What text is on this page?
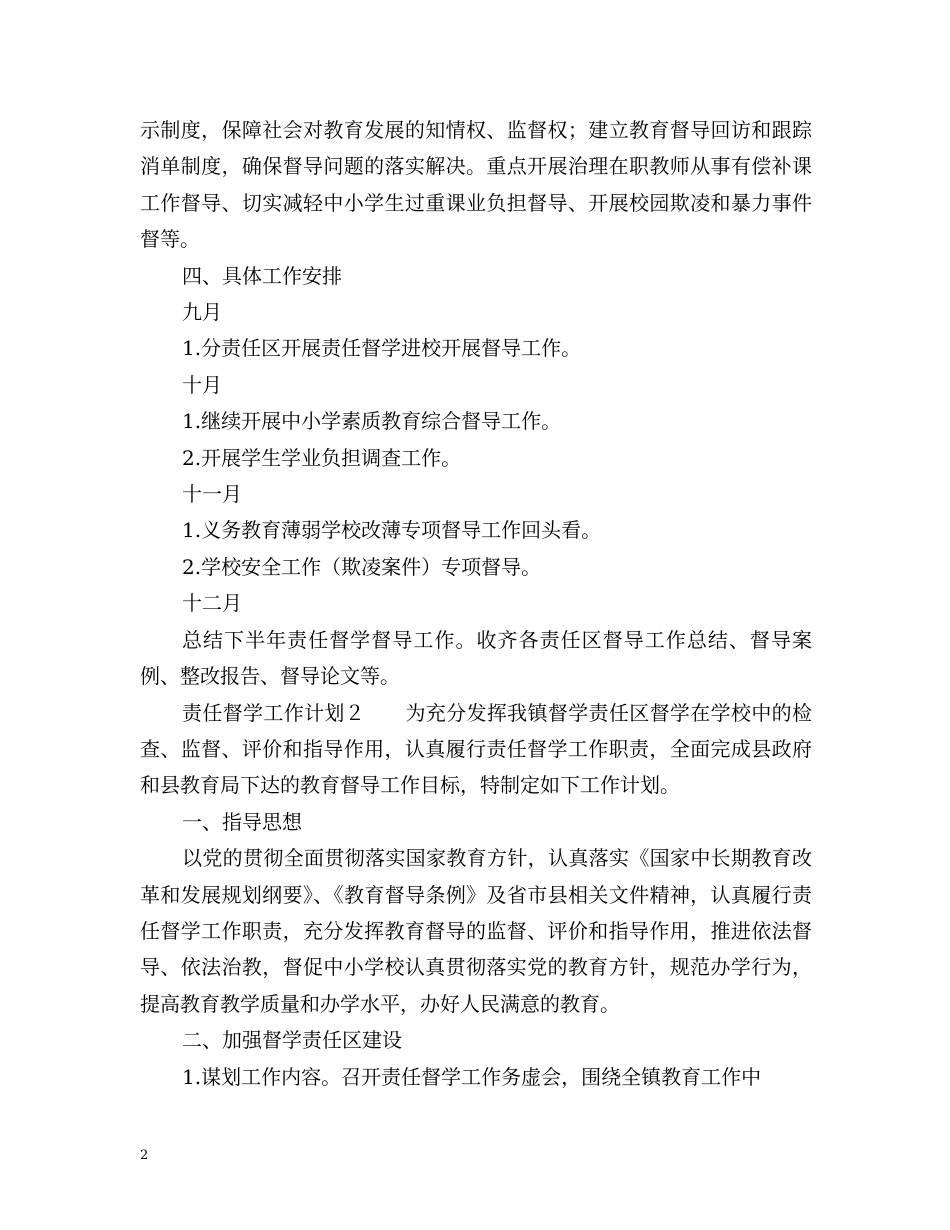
示制度，保障社会对教育发展的知情权、监督权；建立教育督导回访和跟踪消单制度，确保督导问题的落实解决。重点开展治理在职教师从事有偿补课工作督导、切实减轻中小学生过重课业负担督导、开展校园欺凌和暴力事件督等。

四、具体工作安排

九月

1.分责任区开展责任督学进校开展督导工作。

十月

1.继续开展中小学素质教育综合督导工作。

2.开展学生学业负担调查工作。

十一月

1.义务教育薄弱学校改薄专项督导工作回头看。

2.学校安全工作（欺凌案件）专项督导。

十二月

总结下半年责任督学督导工作。收齐各责任区督导工作总结、督导案例、整改报告、督导论文等。

责任督学工作计划２ 为充分发挥我镇督学责任区督学在学校中的检查、监督、评价和指导作用，认真履行责任督学工作职责，全面完成县政府和县教育局下达的教育督导工作目标，特制定如下工作计划。

一、指导思想

以党的贯彻全面贯彻落实国家教育方针，认真落实《国家中长期教育改革和发展规划纲要》、《教育督导条例》及省市县相关文件精神，认真履行责任督学工作职责，充分发挥教育督导的监督、评价和指导作用，推进依法督导、依法治教，督促中小学校认真贯彻落实党的教育方针，规范办学行为，提高教育教学质量和办学水平，办好人民满意的教育。

二、加强督学责任区建设

1.谋划工作内容。召开责任督学工作务虚会，围绕全镇教育工作中

2
